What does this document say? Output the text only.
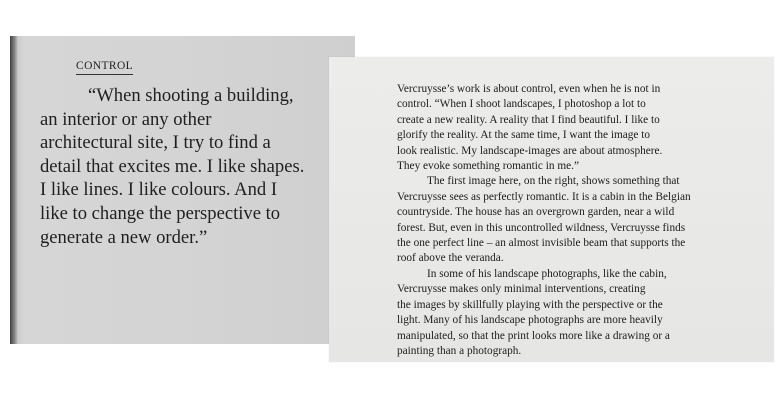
CONTROL
“When shooting a building,
an interior or any other
architectural site, I try to find a
detail that excites me. I like shapes.
I like lines. I like colours. And I
like to change the perspective to
generate a new order.”
Vercruysse’s work is about control, even when he is not in
control. “When I shoot landscapes, I photoshop a lot to
create a new reality. A reality that I find beautiful. I like to
glorify the reality. At the same time, I want the image to
look realistic. My landscape-images are about atmosphere.
They evoke something romantic in me.”
The first image here, on the right, shows something that
Vercruysse sees as perfectly romantic. It is a cabin in the Belgian
countryside. The house has an overgrown garden, near a wild
forest. But, even in this uncontrolled wildness, Vercruysse finds
the one perfect line – an almost invisible beam that supports the
roof above the veranda.
In some of his landscape photographs, like the cabin,
Vercruysse makes only minimal interventions, creating
the images by skillfully playing with the perspective or the
light. Many of his landscape photographs are more heavily
manipulated, so that the print looks more like a drawing or a
painting than a photograph.
